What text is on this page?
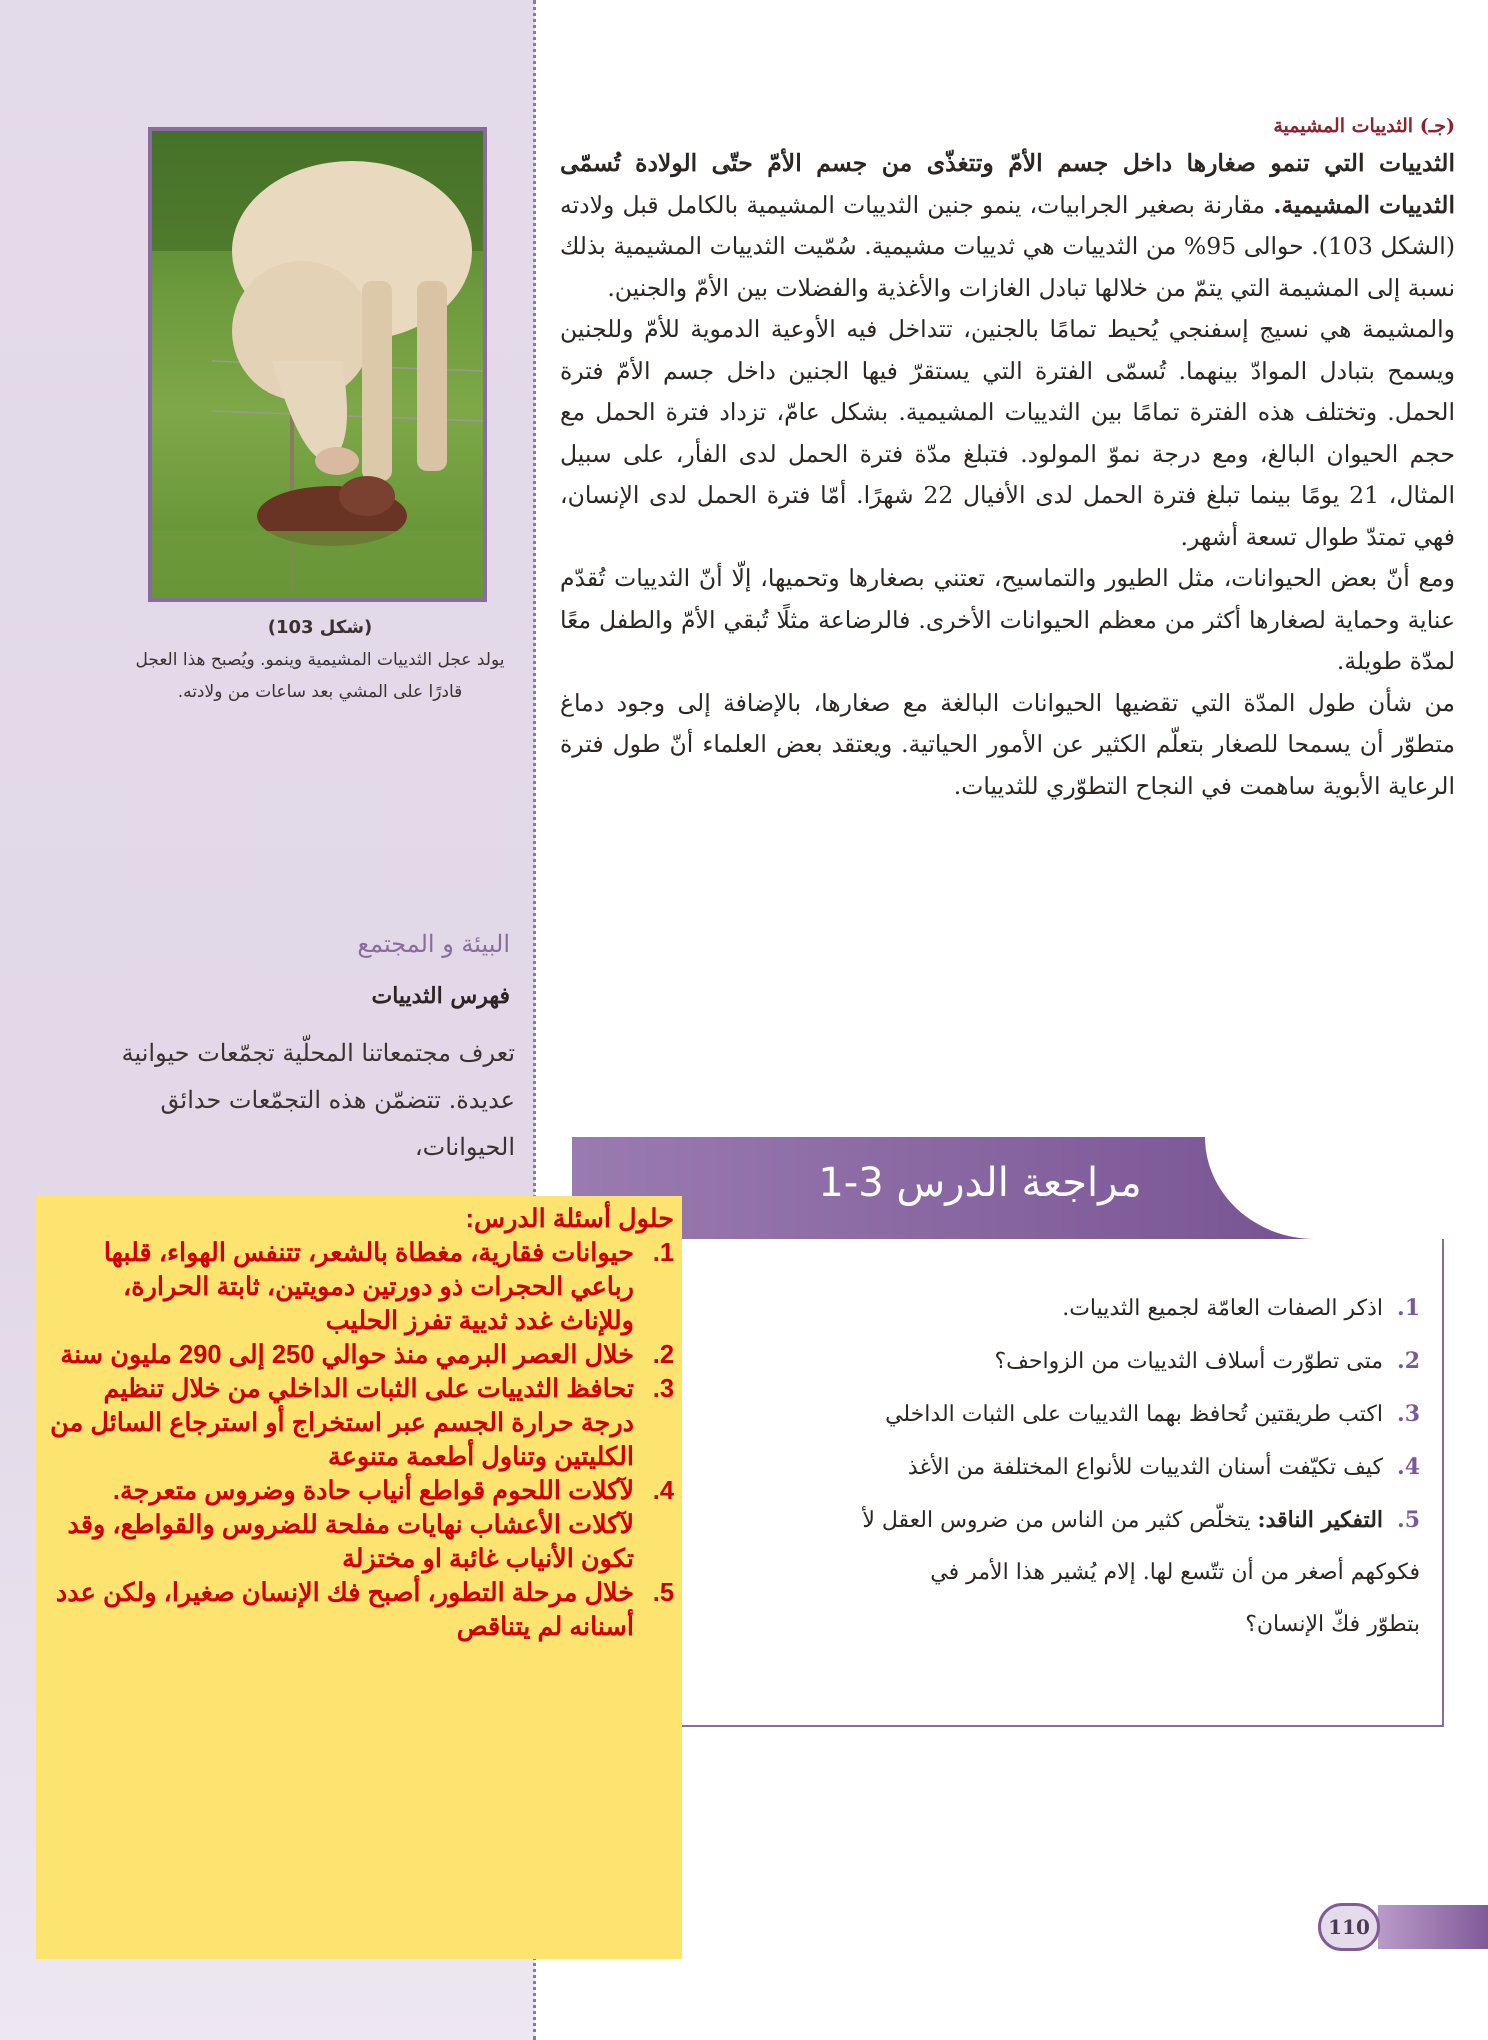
(شكل 103)
يولد عجل الثدييات المشيمية وينمو. ويُصبح هذا العجل قادرًا على المشي بعد ساعات من ولادته.
البيئة و المجتمع
فهرس الثدييات
تعرف مجتمعاتنا المحلّية تجمّعات حيوانية عديدة. تتضمّن هذه التجمّعات حدائق الحيوانات،

(جـ) الثدييات المشيمية

الثدييات التي تنمو صغارها داخل جسم الأمّ وتتغذّى من جسم الأمّ حتّى الولادة تُسمّى الثدييات المشيمية. مقارنة بصغير الجرابيات، ينمو جنين الثدييات المشيمية بالكامل قبل ولادته (الشكل 103). حوالى 95% من الثدييات هي ثدييات مشيمية. سُمّيت الثدييات المشيمية بذلك نسبة إلى المشيمة التي يتمّ من خلالها تبادل الغازات والأغذية والفضلات بين الأمّ والجنين.

والمشيمة هي نسيج إسفنجي يُحيط تمامًا بالجنين، تتداخل فيه الأوعية الدموية للأمّ وللجنين ويسمح بتبادل الموادّ بينهما. تُسمّى الفترة التي يستقرّ فيها الجنين داخل جسم الأمّ فترة الحمل. وتختلف هذه الفترة تمامًا بين الثدييات المشيمية. بشكل عامّ، تزداد فترة الحمل مع حجم الحيوان البالغ، ومع درجة نموّ المولود. فتبلغ مدّة فترة الحمل لدى الفأر، على سبيل المثال، 21 يومًا بينما تبلغ فترة الحمل لدى الأفيال 22 شهرًا. أمّا فترة الحمل لدى الإنسان، فهي تمتدّ طوال تسعة أشهر.

ومع أنّ بعض الحيوانات، مثل الطيور والتماسيح، تعتني بصغارها وتحميها، إلّا أنّ الثدييات تُقدّم عناية وحماية لصغارها أكثر من معظم الحيوانات الأخرى. فالرضاعة مثلًا تُبقي الأمّ والطفل معًا لمدّة طويلة.

من شأن طول المدّة التي تقضيها الحيوانات البالغة مع صغارها، بالإضافة إلى وجود دماغ متطوّر أن يسمحا للصغار بتعلّم الكثير عن الأمور الحياتية. ويعتقد بعض العلماء أنّ طول فترة الرعاية الأبوية ساهمت في النجاح التطوّري للثدييات.

مراجعة الدرس 3-1
1.اذكر الصفات العامّة لجميع الثدييات.
2.متى تطوّرت أسلاف الثدييات من الزواحف؟
3.اكتب طريقتين تُحافظ بهما الثدييات على الثبات الداخلي
4.كيف تكيّفت أسنان الثدييات للأنواع المختلفة من الأغذ
5.التفكير الناقد: يتخلّص كثير من الناس من ضروس العقل لأ
فكوكهم أصغر من أن تتّسع لها. إلام يُشير هذا الأمر في
بتطوّر فكّ الإنسان؟

حلول أسئلة الدرس:

1.
حيوانات فقارية، مغطاة بالشعر، تتنفس الهواء، قلبها رباعي الحجرات ذو دورتين دمويتين، ثابتة الحرارة، وللإناث غدد ثديية تفرز الحليب
2.
خلال العصر البرمي منذ حوالي 250 إلى 290 مليون سنة
3.
تحافظ الثدييات على الثبات الداخلي من خلال تنظيم درجة حرارة الجسم عبر استخراج أو استرجاع السائل من الكليتين وتناول أطعمة متنوعة
4.
لآكلات اللحوم قواطع أنياب حادة وضروس متعرجة. لآكلات الأعشاب نهايات مفلحة للضروس والقواطع، وقد تكون الأنياب غائبة او مختزلة
5.
خلال مرحلة التطور، أصبح فك الإنسان صغيرا، ولكن عدد أسنانه لم يتناقص
110
